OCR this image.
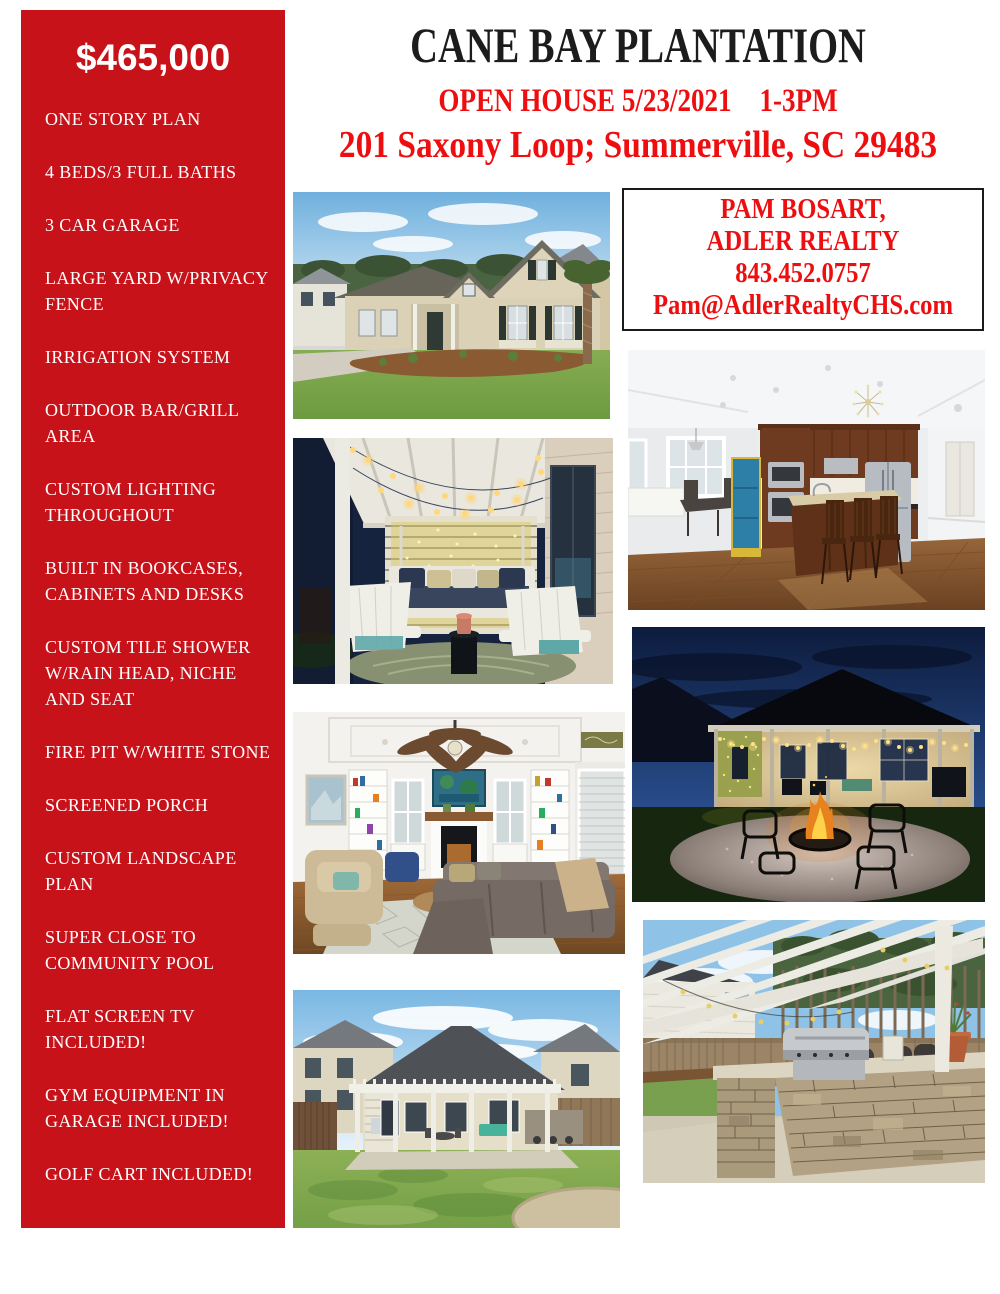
$465,000
ONE STORY PLAN
4 BEDS/3 FULL BATHS
3 CAR GARAGE
LARGE YARD W/PRIVACY FENCE
IRRIGATION SYSTEM
OUTDOOR BAR/GRILL AREA
CUSTOM LIGHTING THROUGHOUT
BUILT IN BOOKCASES, CABINETS AND DESKS
CUSTOM TILE SHOWER W/RAIN HEAD, NICHE AND SEAT
FIRE PIT W/WHITE STONE
SCREENED PORCH
CUSTOM LANDSCAPE PLAN
SUPER CLOSE TO COMMUNITY POOL
FLAT SCREEN TV INCLUDED!
GYM EQUIPMENT IN GARAGE INCLUDED!
GOLF CART INCLUDED!
CANE BAY PLANTATION
OPEN HOUSE 5/23/2021 1-3PM
201 Saxony Loop; Summerville, SC 29483
PAM BOSART,
ADLER REALTY
843.452.0757
Pam@AdlerRealtyCHS.com
